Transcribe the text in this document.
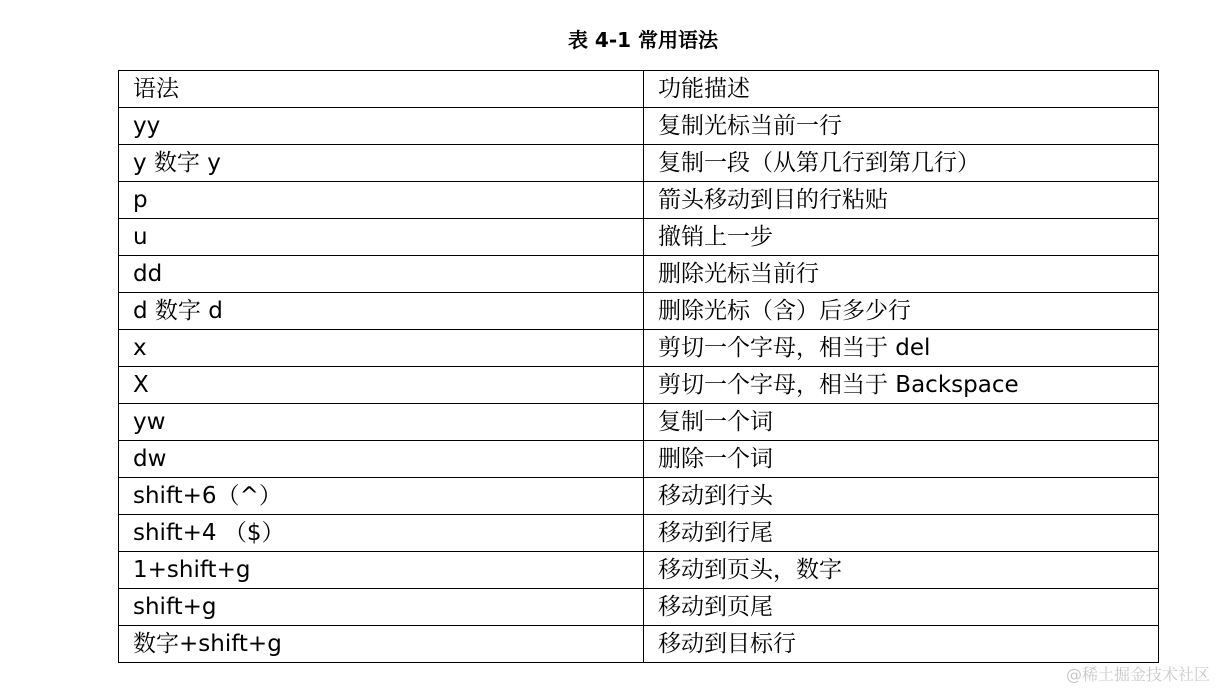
表 4-1 常用语法
语法	功能描述
yy	复制光标当前一行
y 数字 y	复制一段（从第几行到第几行）
p	箭头移动到目的行粘贴
u	撤销上一步
dd	删除光标当前行
d 数字 d	删除光标（含）后多少行
x	剪切一个字母，相当于 del
X	剪切一个字母，相当于 Backspace
yw	复制一个词
dw	删除一个词
shift+6（^）	移动到行头
shift+4 （$）	移动到行尾
1+shift+g	移动到页头，数字
shift+g	移动到页尾
数字+shift+g	移动到目标行
@稀土掘金技术社区
